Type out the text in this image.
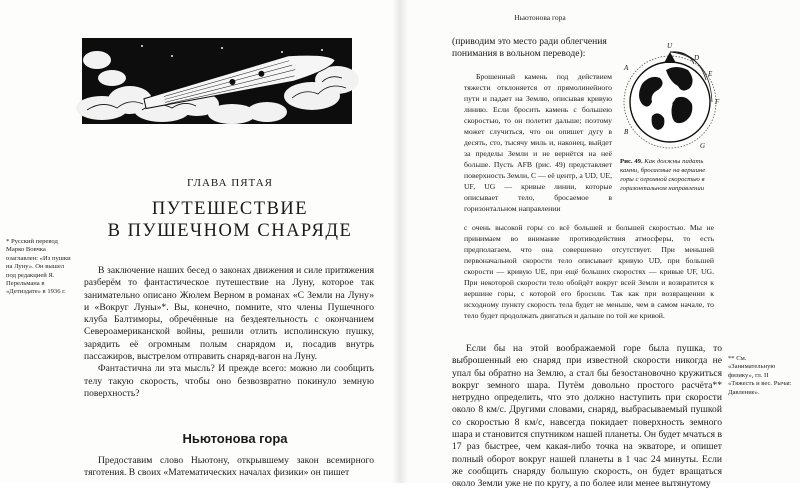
ГЛАВА ПЯТАЯ
ПУТЕШЕСТВИЕ
В ПУШЕЧНОМ СНАРЯДЕ
* Русский перевод Марко Вовчка озаглавлен: «Из пушки на Луну». Он вышел под редакцией Я. Перельмана в «Детиздате» в 1936 г.

В заключение наших бесед о законах движения и силе притяжения разберём то фантастическое путешествие на Луну, которое так занимательно описано Жюлем Верном в романах «С Земли на Луну» и «Вокруг Луны»*. Вы, конечно, помните, что члены Пушечного клуба Балтиморы, обречённые на бездеятельность с окончанием Североамериканской войны, решили отлить исполинскую пушку, зарядить её огромным полым снарядом и, посадив внутрь пассажиров, выстрелом отправить снаряд-вагон на Луну.

Фантастична ли эта мысль? И прежде всего: можно ли сообщить телу такую скорость, чтобы оно безвозвратно покинуло земную поверхность?

Ньютонова гора

Предоставим слово Ньютону, открывшему закон всемирного тяготения. В своих «Математических началах физики» он пишет

Ньютонова гора
(приводим это место ради облегчения понимания в вольном переводе):

Брошенный камень под действием тяжести отклоняется от прямолинейного пути и падает на Землю, описывая кривую линию. Если бросить камень с большею скоростью, то он полетит дальше; поэтому может случиться, что он опишет дугу в десять, сто, тысячу миль и, наконец, выйдет за пределы Земли и не вернётся на неё больше. Пусть AFB (рис. 49) представляет поверхность Земли, C — её центр, а UD, UE, UF, UG — кривые линии, которые описывает тело, бросаемое в горизонтальном направлении

U
D
E
F
C
A
B
G
Рис. 49. Как должны падать камни, бросаемые на вершине горы с огромной скоростью в горизонтальном направлении

с очень высокой горы со всё большей и большей скоростью. Мы не принимаем во внимание противодействия атмосферы, то есть предполагаем, что она совершенно отсутствует. При меньшей первоначальной скорости тело описывает кривую UD, при большей скорости — кривую UE, при ещё больших скоростях — кривые UF, UG. При некоторой скорости тело обойдёт вокруг всей Земли и возвратится к вершине горы, с которой его бросили. Так как при возвращении к исходному пункту скорость тела будет не меньше, чем в самом начале, то тело будет продолжать двигаться и дальше по той же кривой.

Если бы на этой воображаемой горе была пушка, то выброшенный ею снаряд при известной скорости никогда не упал бы обратно на Землю, а стал бы безостановочно кружиться вокруг земного шара. Путём довольно простого расчёта** нетрудно определить, что это должно наступить при скорости около 8 км/с. Другими словами, снаряд, выбрасываемый пушкой со скоростью 8 км/с, навсегда покидает поверхность земного шара и становится спутником нашей планеты. Он будет мчаться в 17 раз быстрее, чем какая-либо точка на экваторе, и опишет полный оборот вокруг нашей планеты в 1 час 24 минуты. Если же сообщить снаряду большую скорость, он будет вращаться около Земли уже не по кругу, а по более или менее вытянутому

** См. «Занимательную физику», гл. II «Тяжесть и вес. Рычаг. Давление».
